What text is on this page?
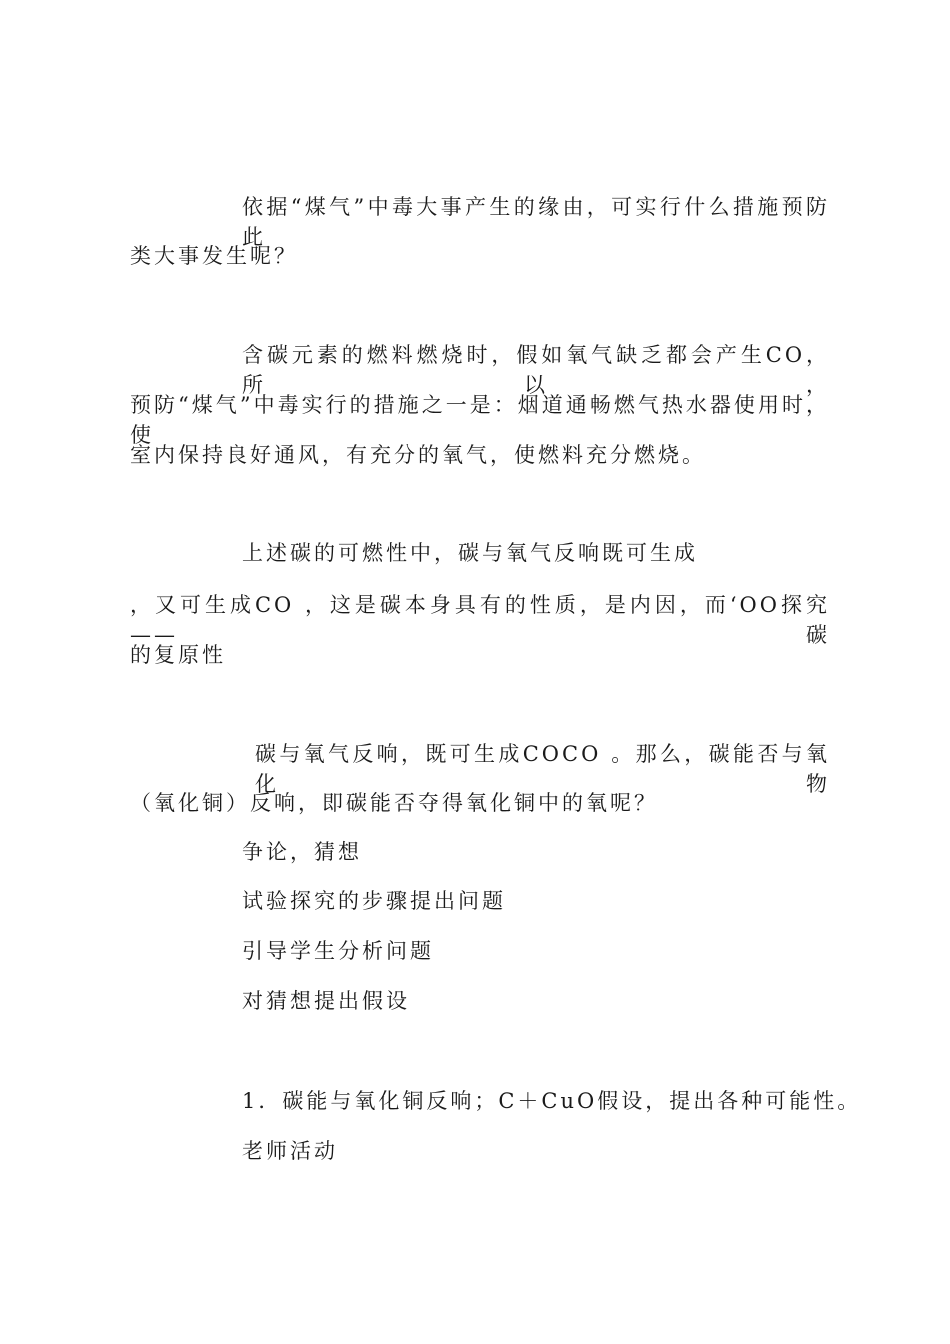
依据“煤气”中毒大事产生的缘由，可实行什么措施预防此
类大事发生呢？
含碳元素的燃料燃烧时，假如氧气缺乏都会产生CO，所以，
预防“煤气”中毒实行的措施之一是：烟道通畅燃气热水器使用时，使
室内保持良好通风，有充分的氧气，使燃料充分燃烧。
上述碳的可燃性中，碳与氧气反响既可生成
，又可生成CO ，这是碳本身具有的性质，是内因，而‘OO探究——碳
的复原性
碳与氧气反响，既可生成COCO 。那么，碳能否与氧化物
（氧化铜）反响，即碳能否夺得氧化铜中的氧呢？
争论，猜想
试验探究的步骤提出问题
引导学生分析问题
对猜想提出假设
1．碳能与氧化铜反响；C＋CuO假设，提出各种可能性。
老师活动
